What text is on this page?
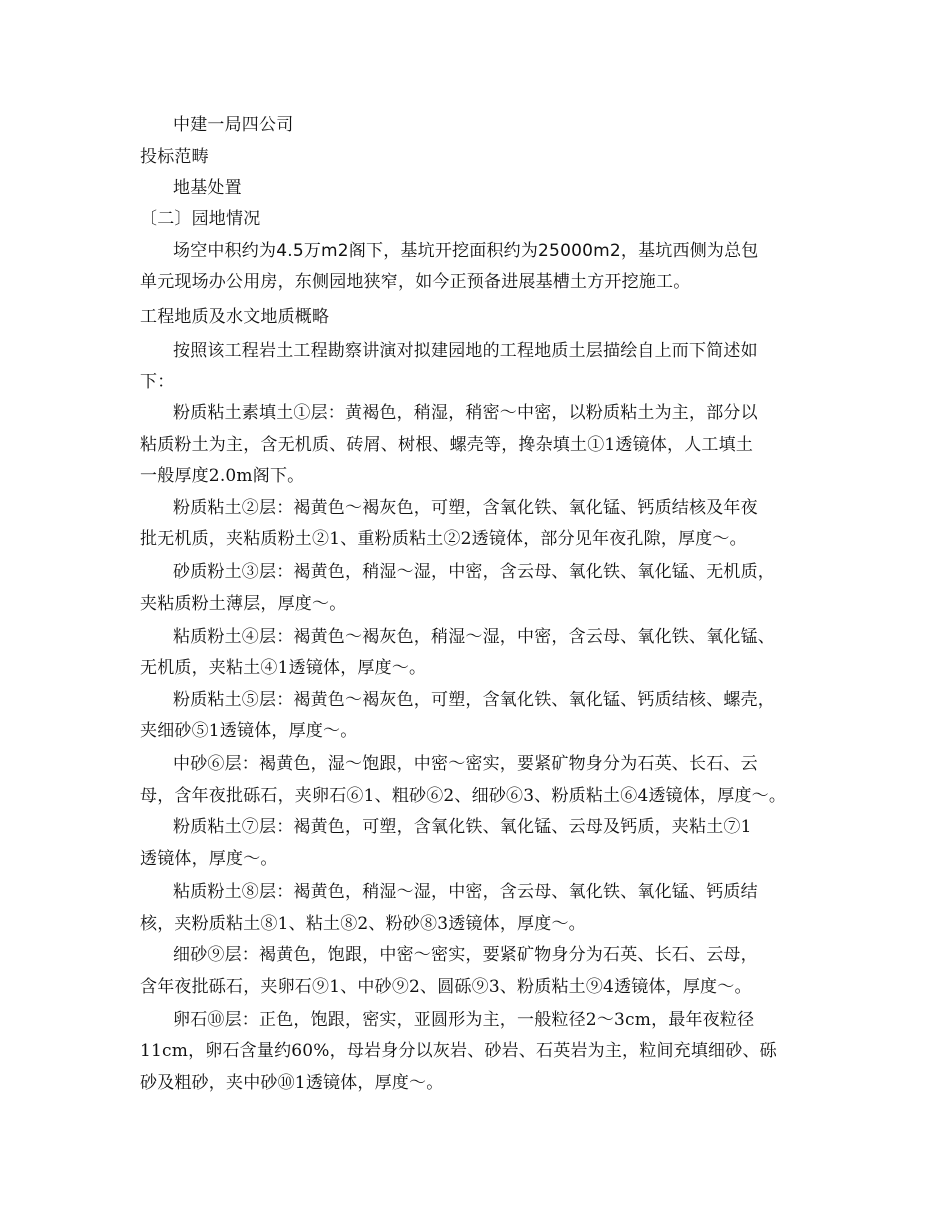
中建一局四公司
投标范畴
地基处置
〔二〕园地情况
场空中积约为4.5万m2阁下，基坑开挖面积约为25000m2，基坑西侧为总包
单元现场办公用房，东侧园地狭窄，如今正预备进展基槽土方开挖施工。
工程地质及水文地质概略
按照该工程岩土工程勘察讲演对拟建园地的工程地质土层描绘自上而下简述如
下：
粉质粘土素填土①层：黄褐色，稍湿，稍密～中密，以粉质粘土为主，部分以
粘质粉土为主，含无机质、砖屑、树根、螺壳等，搀杂填土①1透镜体，人工填土
一般厚度2.0m阁下。
粉质粘土②层：褐黄色～褐灰色，可塑，含氧化铁、氧化锰、钙质结核及年夜
批无机质，夹粘质粉土②1、重粉质粘土②2透镜体，部分见年夜孔隙，厚度～。
砂质粉土③层：褐黄色，稍湿～湿，中密，含云母、氧化铁、氧化锰、无机质，
夹粘质粉土薄层，厚度～。
粘质粉土④层：褐黄色～褐灰色，稍湿～湿，中密，含云母、氧化铁、氧化锰、
无机质，夹粘土④1透镜体，厚度～。
粉质粘土⑤层：褐黄色～褐灰色，可塑，含氧化铁、氧化锰、钙质结核、螺壳，
夹细砂⑤1透镜体，厚度～。
中砂⑥层：褐黄色，湿～饱跟，中密～密实，要紧矿物身分为石英、长石、云
母，含年夜批砾石，夹卵石⑥1、粗砂⑥2、细砂⑥3、粉质粘土⑥4透镜体，厚度～。
粉质粘土⑦层：褐黄色，可塑，含氧化铁、氧化锰、云母及钙质，夹粘土⑦1
透镜体，厚度～。
粘质粉土⑧层：褐黄色，稍湿～湿，中密，含云母、氧化铁、氧化锰、钙质结
核，夹粉质粘土⑧1、粘土⑧2、粉砂⑧3透镜体，厚度～。
细砂⑨层：褐黄色，饱跟，中密～密实，要紧矿物身分为石英、长石、云母，
含年夜批砾石，夹卵石⑨1、中砂⑨2、圆砾⑨3、粉质粘土⑨4透镜体，厚度～。
卵石⑩层：正色，饱跟，密实，亚圆形为主，一般粒径2～3cm，最年夜粒径
11cm，卵石含量约60%，母岩身分以灰岩、砂岩、石英岩为主，粒间充填细砂、砾
砂及粗砂，夹中砂⑩1透镜体，厚度～。
